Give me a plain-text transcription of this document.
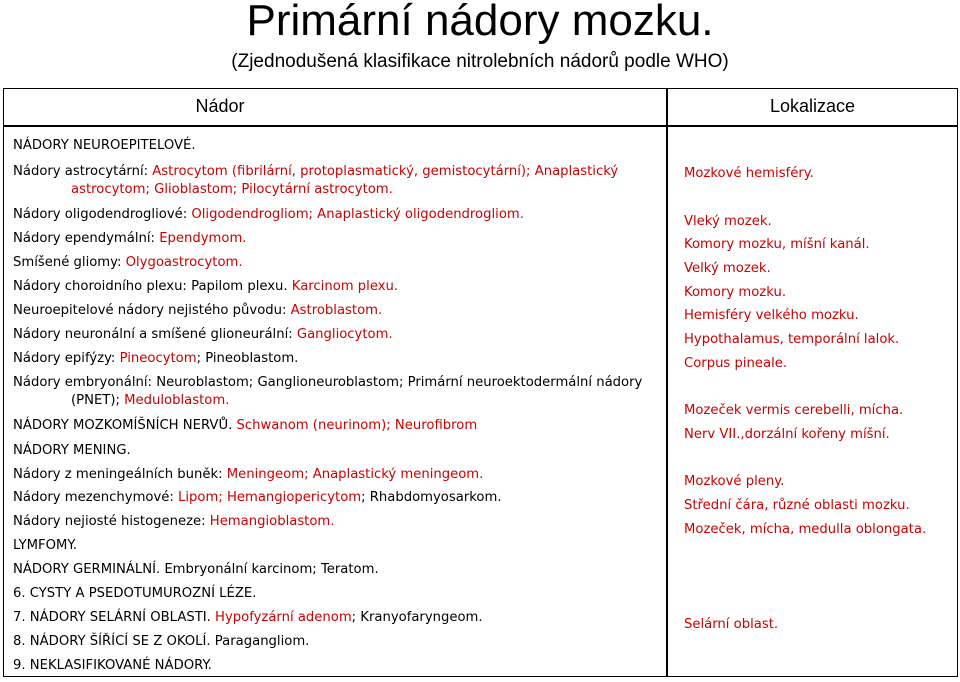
Primární nádory mozku.
(Zjednodušená klasifikace nitrolebních nádorů podle WHO)
Nádor	Lokalizace
NÁDORY NEUROEPITELOVÉ.
Nádory astrocytární: Astrocytom (fibrilární, protoplasmatický, gemistocytární); Anaplastický
astrocytom; Glioblastom; Pilocytární astrocytom.
Nádory oligodendrogliové: Oligodendrogliom; Anaplastický oligodendrogliom.
Nádory ependymální: Ependymom.
Smíšené gliomy: Olygoastrocytom.
Nádory choroidního plexu: Papilom plexu. Karcinom plexu.
Neuroepitelové nádory nejistého původu: Astroblastom.
Nádory neuronální a smíšené glioneurální: Gangliocytom.
Nádory epifýzy: Pineocytom; Pineoblastom.
Nádory embryonální: Neuroblastom; Ganglioneuroblastom; Primární neuroektodermální nádory
(PNET); Meduloblastom.
NÁDORY MOZKOMÍŠNÍCH NERVŮ. Schwanom (neurinom); Neurofibrom
NÁDORY MENING.
Nádory z meningeálních buněk: Meningeom; Anaplastický meningeom.
Nádory mezenchymové: Lipom; Hemangiopericytom; Rhabdomyosarkom.
Nádory nejiosté histogeneze: Hemangioblastom.
LYMFOMY.
NÁDORY GERMINÁLNÍ. Embryonální karcinom; Teratom.
6. CYSTY A PSEDOTUMUROZNÍ LÉZE.
7. NÁDORY SELÁRNÍ OBLASTI. Hypofyzární adenom; Kranyofaryngeom.
8. NÁDORY ŠÍŘÍCÍ SE Z OKOLÍ. Paragangliom.
9. NEKLASIFIKOVANÉ NÁDORY.
Mozkové hemisféry.
Vleký mozek.
Komory mozku, míšní kanál.
Velký mozek.
Komory mozku.
Hemisféry velkého mozku.
Hypothalamus, temporální lalok.
Corpus pineale.
Mozeček vermis cerebelli, mícha.
Nerv VII.,dorzální kořeny míšní.
Mozkové pleny.
Střední čára, různé oblasti mozku.
Mozeček, mícha, medulla oblongata.
Selární oblast.
